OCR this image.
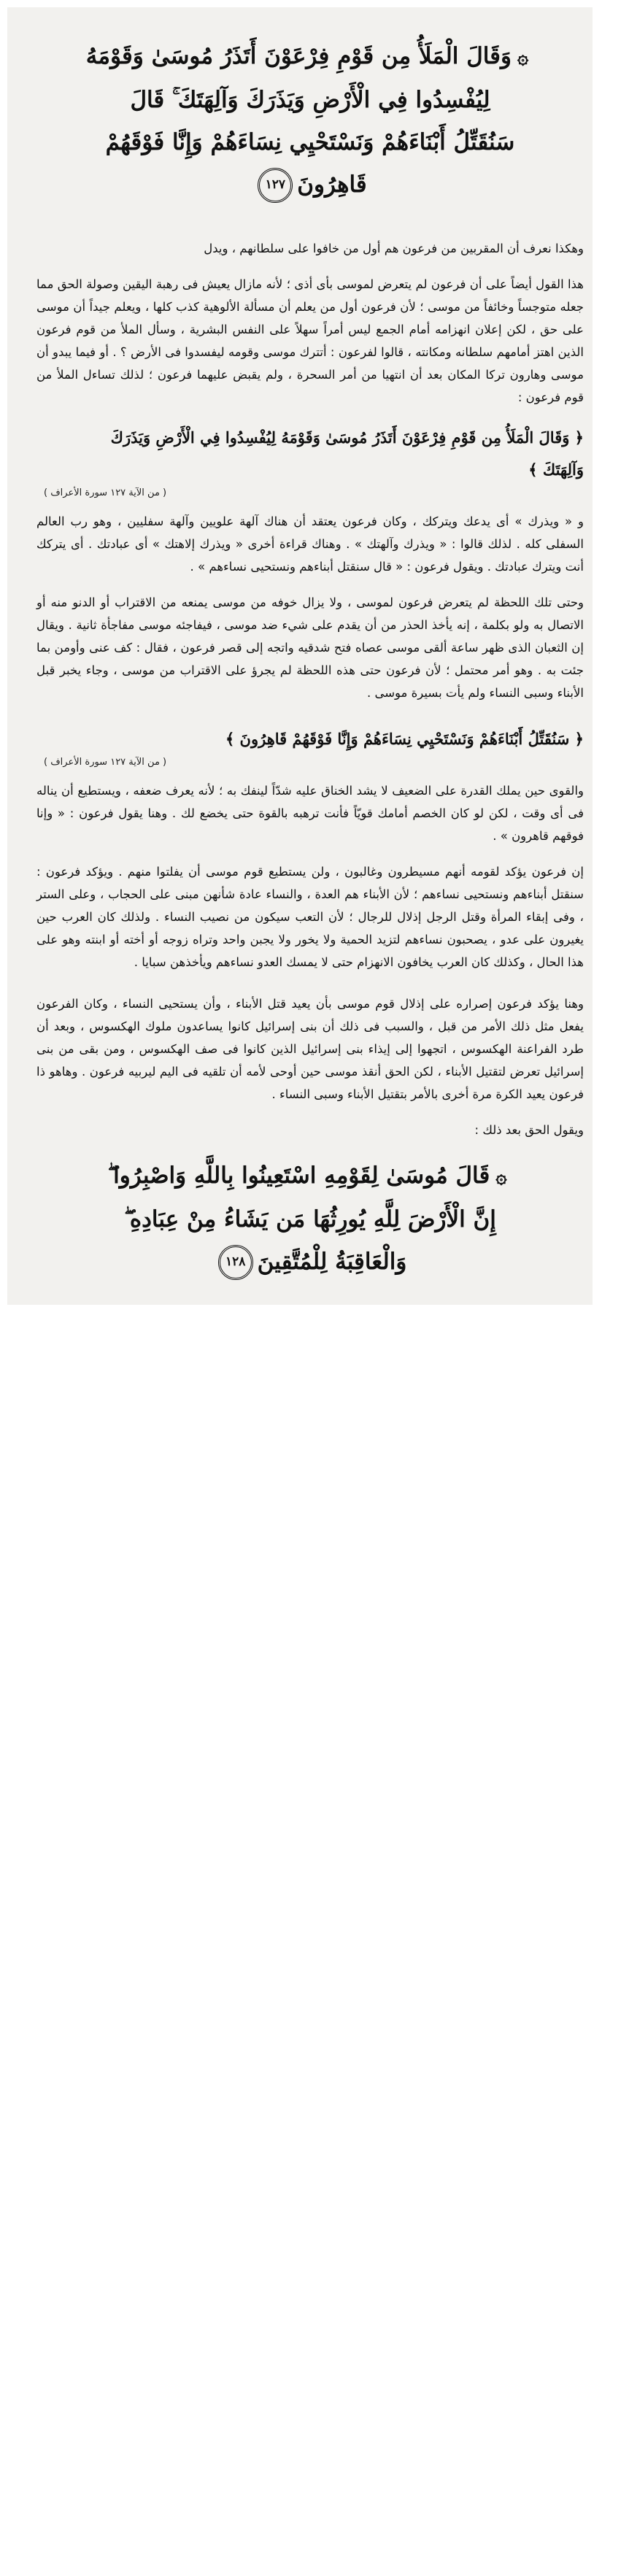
۞وَقَالَ الْمَلَأُ مِن قَوْمِ فِرْعَوْنَ أَتَذَرُ مُوسَىٰ وَقَوْمَهُ
لِيُفْسِدُوا فِي الْأَرْضِ وَيَذَرَكَ وَآلِهَتَكَ ۚ قَالَ
سَنُقَتِّلُ أَبْنَاءَهُمْ وَنَسْتَحْيِي نِسَاءَهُمْ وَإِنَّا فَوْقَهُمْ
قَاهِرُونَ١٢٧
وهكذا نعرف أن المقربين من فرعون هم أول من خافوا على سلطانهم ، ويدل
هذا القول أيضاً على أن فرعون لم يتعرض لموسى بأى أذى ؛ لأنه مازال يعيش فى رهبة اليقين وصولة الحق مما جعله متوجساً وخائفاً من موسى ؛ لأن فرعون أول من يعلم أن مسألة الألوهية كذب كلها ، ويعلم جيداً أن موسى على حق ، لكن إعلان انهزامه أمام الجمع ليس أمراً سهلاً على النفس البشرية ، وسأل الملأ من قوم فرعون الذين اهتز أمامهم سلطانه ومكانته ، قالوا لفرعون : أتترك موسى وقومه ليفسدوا فى الأرض ؟ . أو فيما يبدو أن موسى وهارون تركا المكان بعد أن انتهيا من أمر السحرة ، ولم يقبض عليهما فرعون ؛ لذلك تساءل الملأ من قوم فرعون :
﴿ وَقَالَ الْمَلَأُ مِن قَوْمِ فِرْعَوْنَ أَتَذَرُ مُوسَىٰ وَقَوْمَهُ لِيُفْسِدُوا فِي الْأَرْضِ وَيَذَرَكَ
وَآلِهَتَكَ ﴾
( من الآية ١٢٧ سورة الأعراف )
و « ويذرك » أى يدعك ويتركك ، وكان فرعون يعتقد أن هناك آلهة علويين وآلهة سفليين ، وهو رب العالم السفلى كله . لذلك قالوا : « ويذرك وآلهتك » . وهناك قراءة أخرى « ويذرك إلاهتك » أى عبادتك . أى يتركك أنت ويترك عبادتك . ويقول فرعون : « قال سنقتل أبناءهم ونستحيى نساءهم » .
وحتى تلك اللحظة لم يتعرض فرعون لموسى ، ولا يزال خوفه من موسى يمنعه من الاقتراب أو الدنو منه أو الاتصال به ولو بكلمة ، إنه يأخذ الحذر من أن يقدم على شيء ضد موسى ، فيفاجئه موسى مفاجأة ثانية . ويقال إن الثعبان الذى ظهر ساعة ألقى موسى عصاه فتح شدقيه واتجه إلى قصر فرعون ، فقال : كف عنى وأومن بما جئت به . وهو أمر محتمل ؛ لأن فرعون حتى هذه اللحظة لم يجرؤ على الاقتراب من موسى ، وجاء يخبر قبل الأبناء وسبى النساء ولم يأت بسيرة موسى .
﴿ سَنُقَتِّلُ أَبْنَاءَهُمْ وَنَسْتَحْيِي نِسَاءَهُمْ وَإِنَّا فَوْقَهُمْ قَاهِرُونَ ﴾
( من الآية ١٢٧ سورة الأعراف )
والقوى حين يملك القدرة على الضعيف لا يشد الخناق عليه شدّاً لينفك به ؛ لأنه يعرف ضعفه ، ويستطيع أن يناله فى أى وقت ، لكن لو كان الخصم أمامك قويّاً فأنت ترهبه بالقوة حتى يخضع لك . وهنا يقول فرعون : « وإنا فوقهم قاهرون » .
إن فرعون يؤكد لقومه أنهم مسيطرون وغالبون ، ولن يستطيع قوم موسى أن يفلتوا منهم . ويؤكد فرعون : سنقتل أبناءهم ونستحيى نساءهم ؛ لأن الأبناء هم العدة ، والنساء عادة شأنهن مبنى على الحجاب ، وعلى الستر ، وفى إبقاء المرأة وقتل الرجل إذلال للرجال ؛ لأن التعب سيكون من نصيب النساء . ولذلك كان العرب حين يغيرون على عدو ، يصحبون نساءهم لتزيد الحمية ولا يخور ولا يجبن واحد وتراه زوجه أو أخته أو ابنته وهو على هذا الحال ، وكذلك كان العرب يخافون الانهزام حتى لا يمسك العدو نساءهم ويأخذهن سبايا .
وهنا يؤكد فرعون إصراره على إذلال قوم موسى بأن يعيد قتل الأبناء ، وأن يستحيى النساء ، وكان الفرعون يفعل مثل ذلك الأمر من قبل ، والسبب فى ذلك أن بنى إسرائيل كانوا يساعدون ملوك الهكسوس ، وبعد أن طرد الفراعنة الهكسوس ، اتجهوا إلى إيذاء بنى إسرائيل الذين كانوا فى صف الهكسوس ، ومن بقى من بنى إسرائيل تعرض لتقتيل الأبناء ، لكن الحق أنقذ موسى حين أوحى لأمه أن تلقيه فى اليم ليربيه فرعون . وهاهو ذا فرعون يعيد الكرة مرة أخرى بالأمر بتقتيل الأبناء وسبى النساء .
ويقول الحق بعد ذلك :
۞قَالَ مُوسَىٰ لِقَوْمِهِ اسْتَعِينُوا بِاللَّهِ وَاصْبِرُوا ۖ
إِنَّ الْأَرْضَ لِلَّهِ يُورِثُهَا مَن يَشَاءُ مِنْ عِبَادِهِ ۖ
وَالْعَاقِبَةُ لِلْمُتَّقِينَ١٢٨
